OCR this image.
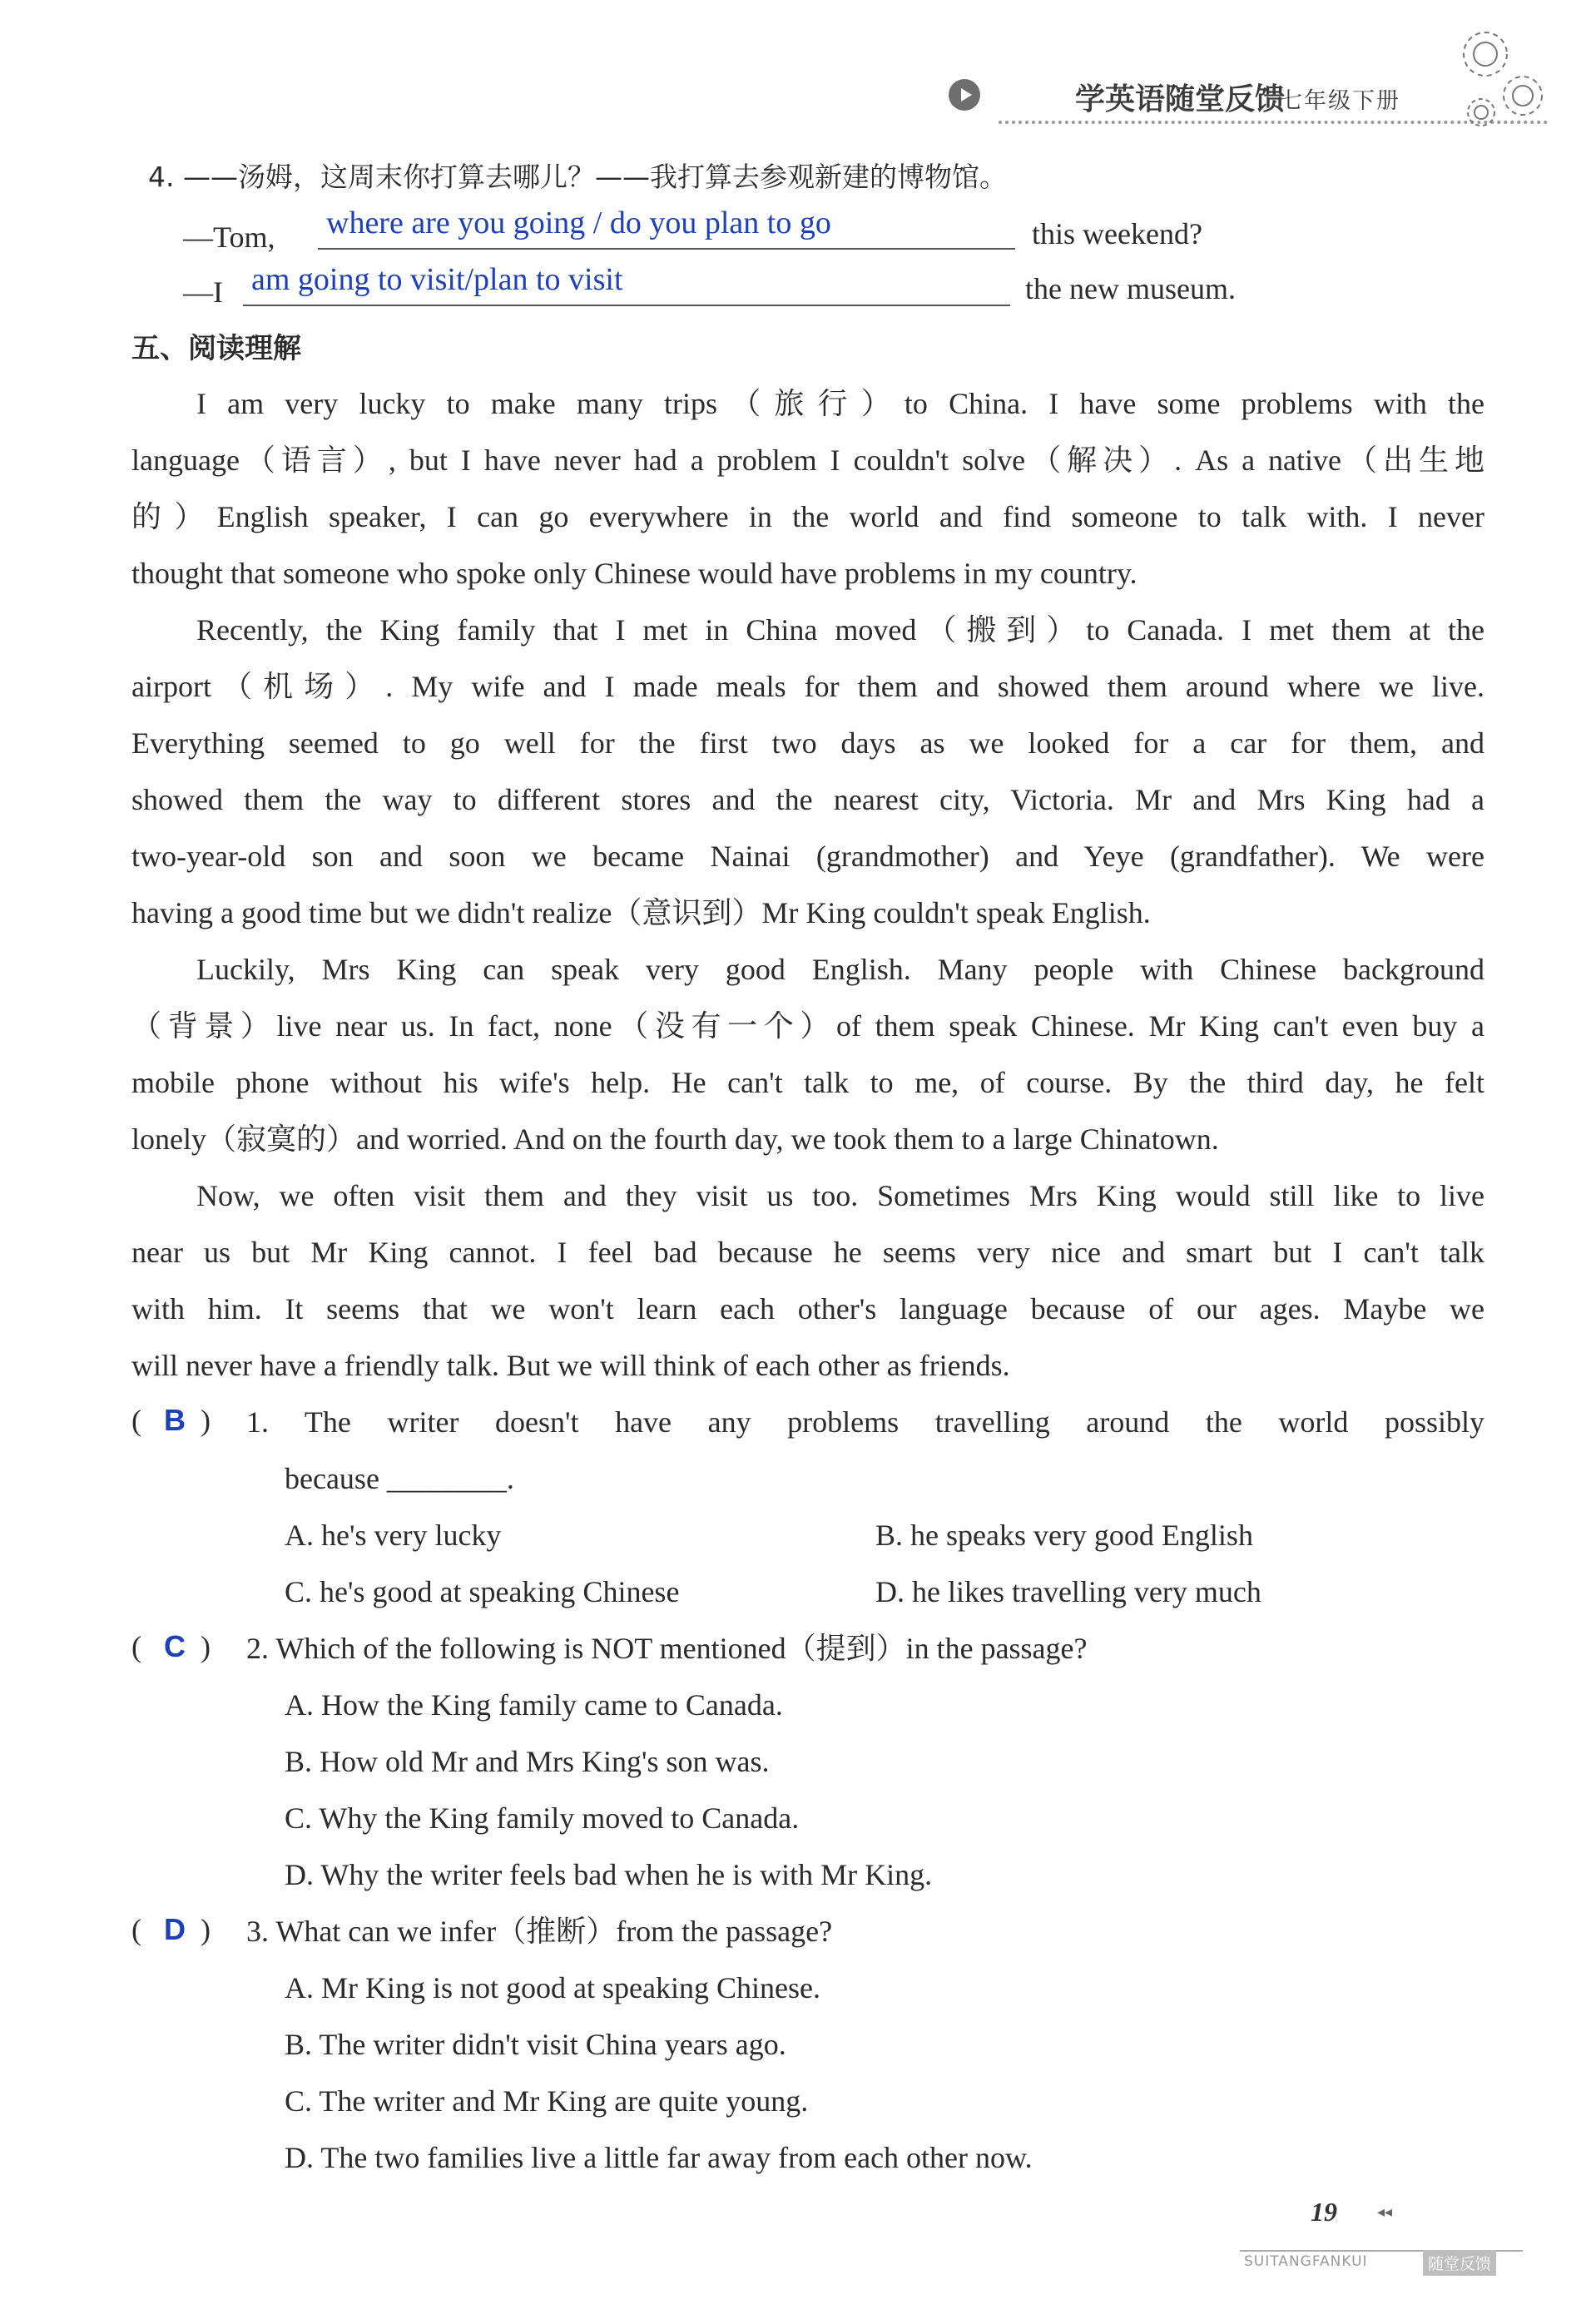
学英语随堂反馈
七年级下册
4. ——汤姆，这周末你打算去哪儿？——我打算去参观新建的博物馆。
—Tom, where are you going / do you plan to go	this weekend?
—I am going to visit/plan to visit	the new museum.
五、阅读理解
I am very lucky to make many trips（旅行）to China. I have some problems with the
language（语言）, but I have never had a problem I couldn't solve（解决）. As a native（出生地
的）English speaker, I can go everywhere in the world and find someone to talk with. I never
thought that someone who spoke only Chinese would have problems in my country.
Recently, the King family that I met in China moved（搬到）to Canada. I met them at the
airport（机场）. My wife and I made meals for them and showed them around where we live.
Everything seemed to go well for the first two days as we looked for a car for them, and
showed them the way to different stores and the nearest city, Victoria. Mr and Mrs King had a
two-year-old son and soon we became Nainai (grandmother) and Yeye (grandfather). We were
having a good time but we didn't realize（意识到）Mr King couldn't speak English.
Luckily, Mrs King can speak very good English. Many people with Chinese background
（背景）live near us. In fact, none（没有一个）of them speak Chinese. Mr King can't even buy a
mobile phone without his wife's help. He can't talk to me, of course. By the third day, he felt
lonely（寂寞的）and worried. And on the fourth day, we took them to a large Chinatown.
Now, we often visit them and they visit us too. Sometimes Mrs King would still like to live
near us but Mr King cannot. I feel bad because he seems very nice and smart but I can't talk
with him. It seems that we won't learn each other's language because of our ages. Maybe we
will never have a friendly talk. But we will think of each other as friends.
( B ) 1. The writer doesn't have any problems travelling around the world possibly
because ________.
A. he's very lucky	B. he speaks very good English
C. he's good at speaking Chinese	D. he likes travelling very much
( C ) 2. Which of the following is NOT mentioned（提到）in the passage?
A. How the King family came to Canada.
B. How old Mr and Mrs King's son was.
C. Why the King family moved to Canada.
D. Why the writer feels bad when he is with Mr King.
( D ) 3. What can we infer（推断）from the passage?
A. Mr King is not good at speaking Chinese.
B. The writer didn't visit China years ago.
C. The writer and Mr King are quite young.
D. The two families live a little far away from each other now.
19	◂◂
SUITANGFANKUI	随堂反馈
